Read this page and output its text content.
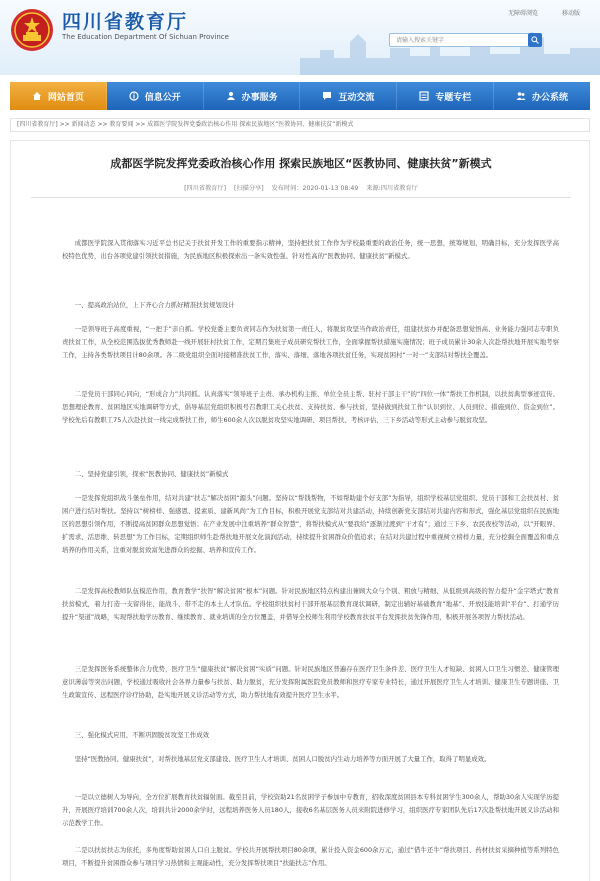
四川省教育厅
The Education Department Of Sichuan Province
无障碍浏览	移动版
请输入搜索关键字
网站首页	信息公开	办事服务	互动交流	专题专栏	办公系统
[四川省教育厅] >> 新闻动态 >> 教育要闻 >> 成都医学院发挥党委政治核心作用 探索民族地区“医教协同、健康扶贫”新模式
成都医学院发挥党委政治核心作用 探索民族地区“医教协同、健康扶贫”新模式
[四川省教育厅] [扫描分享] 发布时间：2020-01-13 08:49 来源:四川省教育厅
成都医学院深入贯彻落实习近平总书记关于扶贫开发工作的重要指示精神，坚持把扶贫工作作为学校最重要的政治任务，统一思想，统筹规划，明确目标，充分发挥医学高校特色优势，出台各项党建引领扶贫措施，为民族地区积极探索出一条实效性强、针对性高的“医教协同、健康扶贫”新模式。
一、提高政治站位，上下齐心合力抓好精准扶贫规划设计
一是领导班子高度重视，“一把手”亲自抓。学校党委主要负责同志作为扶贫第一责任人，将脱贫攻坚当作政治责任，组建扶贫办并配备思想觉悟高、业务能力强同志专职负责扶贫工作，从全校范围选拔优秀教师赴一线开展驻村扶贫工作，定期召集班子成员研究帮扶工作，全面掌握帮扶措施实施情况；班子成员累计30余人次赴帮扶地开展实地考察工作，主持各类帮扶项目计80余项。各二级党组织全面对接精准扶贫工作，落实、落细、落地各项扶贫任务，实现贫困村“一对一”支部结对帮扶全覆盖。
二是党员干部同心同向，“形成合力”共同抓。认真落实“领导班子主责、承办机构主推、单位全员主帮、驻村干部主干”的“四位一体”帮扶工作机制，以扶贫典型事迹宣传、思想理论教育、贫困地区实地调研等方式，倡导基层党组织积极号召教职工关心扶贫、支持扶贫、参与扶贫，坚持做到扶贫工作“认识到位、人员到位、措施到位、资金到位”。学校先后有教职工75人次赴扶贫一线完成帮扶工作，师生600余人次以脱贫攻坚实地调研、项目帮扶、考核评估、三下乡活动等形式主动参与脱贫攻坚。
二、坚持党建引领，探索“医教协同、健康扶贫”新模式
一是发挥党组织战斗堡垒作用，结对共建“扶志”解决贫困“源头”问题。坚持以“帮钱帮物，不如帮助建个好支部”为指导，组织学校基层党组织、党员干部和工会扶贫村、贫困户进行结对帮扶。坚持以“树榜样、强感恩、提素质、建新风尚”为工作目标，积极开展党支部结对共建活动，持续创新党支部结对共建内容和形式，强化基层党组织在民族地区的思想引领作用，不断提高贫困群众思想觉悟；在产业发展中注重培养“群众智慧”，将帮扶模式从“要我给”逐渐过渡到“干才有”；通过三下乡、农民夜校等活动，以“开眼界、扩需求、活思维、转思想”为工作目标，定期组织师生赴帮扶地开展文化演润活动，持续提升贫困群众价值追求；在结对共建过程中重视树立榜样力量，充分挖掘全面覆盖和重点培养的作用关系，注重对脱贫致富先进群众的挖掘、培养和宣传工作。
二是发挥高校教师队伍模范作用，教育教学“扶智”解决贫困“根本”问题。针对民族地区特点构建出兼顾大众与个别、粗放与精细、从低级到高级的智力提升“金字塔式”教育扶贫模式，着力打造一支留得住、能战斗、带不走的本土人才队伍。学校组织扶贫村干部开展基层教育现状调研，制定出辅好基础教育“地基”、开放技能培训“平台”、打通学历提升“渠道”战略，实现帮扶地学历教育、继续教育、就业培训的全方位覆盖，并借导全校师生利用学校教育扶贫平台发挥扶贫先锋作用，积极开展各项智力帮扶活动。
三是发挥医务系统整体合力优势，医疗卫生“健康扶贫”解决贫困“实质”问题。针对民族地区普遍存在医疗卫生条件差、医疗卫生人才短缺、贫困人口卫生习惯差、健康管理意识薄弱等突出问题，学校通过吸收社会各界力量参与扶贫、助力脱贫，充分发挥附属医院党员教师和医疗专家专业特长，通过开展医疗卫生人才培训、健康卫生专题讲座、卫生政策宣传、远程医疗诊疗协助，赴实地开展义诊活动等方式，助力帮扶地有效提升医疗卫生水平。
三、强化模式应用，不断巩固脱贫攻坚工作成效
坚持“医教协同、健康扶贫”，对帮扶地基层党支部建设、医疗卫生人才培训、贫困人口脱贫内生动力培养等方面开展了大量工作，取得了明显成效。
一是以立德树人为导向，全方位扩展教育扶贫辐射面。截至目前，学校资助21名贫困学子参加中专教育，招收深度贫困县本专科贫困学生300余人，帮助30余人实现学历提升，开展医疗培训700余人次，培训共计2000余学时，远程培养医务人员180人，接收6名基层医务人员来附院进修学习，组织医疗专家团队先后17次赴帮扶地开展义诊活动和示范教学工作。
二是以扶贫扶志为依托，多角度帮助贫困人口自主脱贫。学校共开展帮扶项目80余项，累计投入资金600余万元，通过“借牛还牛”帮扶项目、药材扶贫采摘种植等系列特色项目，不断提升贫困群众参与项目学习热情和主观能动性，充分发挥帮扶项目“扶能扶志”作用。
